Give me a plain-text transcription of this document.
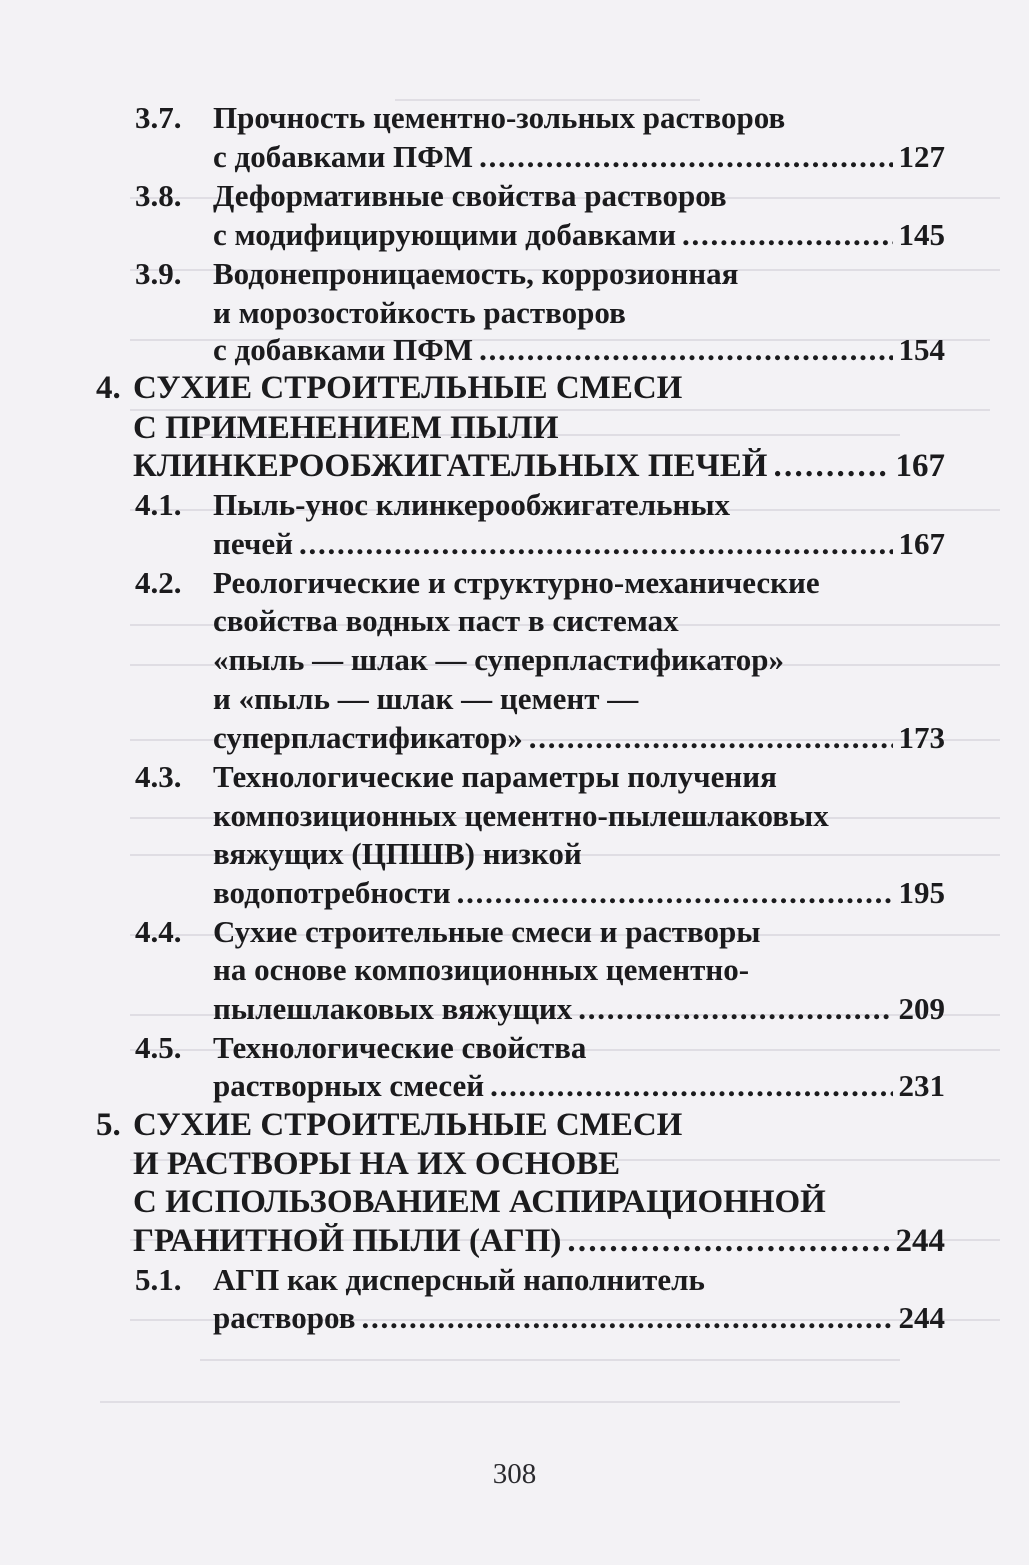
3.7.	Прочность цементно-зольных растворов
с добавками ПФМ . . .	127
3.8.	Деформативные свойства растворов
с модифицирующими добавками . . .	145
3.9.	Водонепроницаемость, коррозионная
и морозостойкость растворов
с добавками ПФМ . . .	154
4. СУХИЕ СТРОИТЕЛЬНЫЕ СМЕСИ
С ПРИМЕНЕНИЕМ ПЫЛИ
КЛИНКЕРООБЖИГАТЕЛЬНЫХ ПЕЧЕЙ . . .	167
4.1.	Пыль-унос клинкерообжигательных
печей . . .	167
4.2.	Реологические и структурно-механические
свойства водных паст в системах
«пыль — шлак — суперпластификатор»
и «пыль — шлак — цемент —
суперпластификатор» . . .	173
4.3.	Технологические параметры получения
композиционных цементно-пылешлаковых
вяжущих (ЦПШВ) низкой
водопотребности . . .	195
4.4.	Сухие строительные смеси и растворы
на основе композиционных цементно-
пылешлаковых вяжущих . . .	209
4.5.	Технологические свойства
растворных смесей . . .	231
5. СУХИЕ СТРОИТЕЛЬНЫЕ СМЕСИ
И РАСТВОРЫ НА ИХ ОСНОВЕ
С ИСПОЛЬЗОВАНИЕМ АСПИРАЦИОННОЙ
ГРАНИТНОЙ ПЫЛИ (АГП) . . .	244
5.1.	АГП как дисперсный наполнитель
растворов . . .	244
308
